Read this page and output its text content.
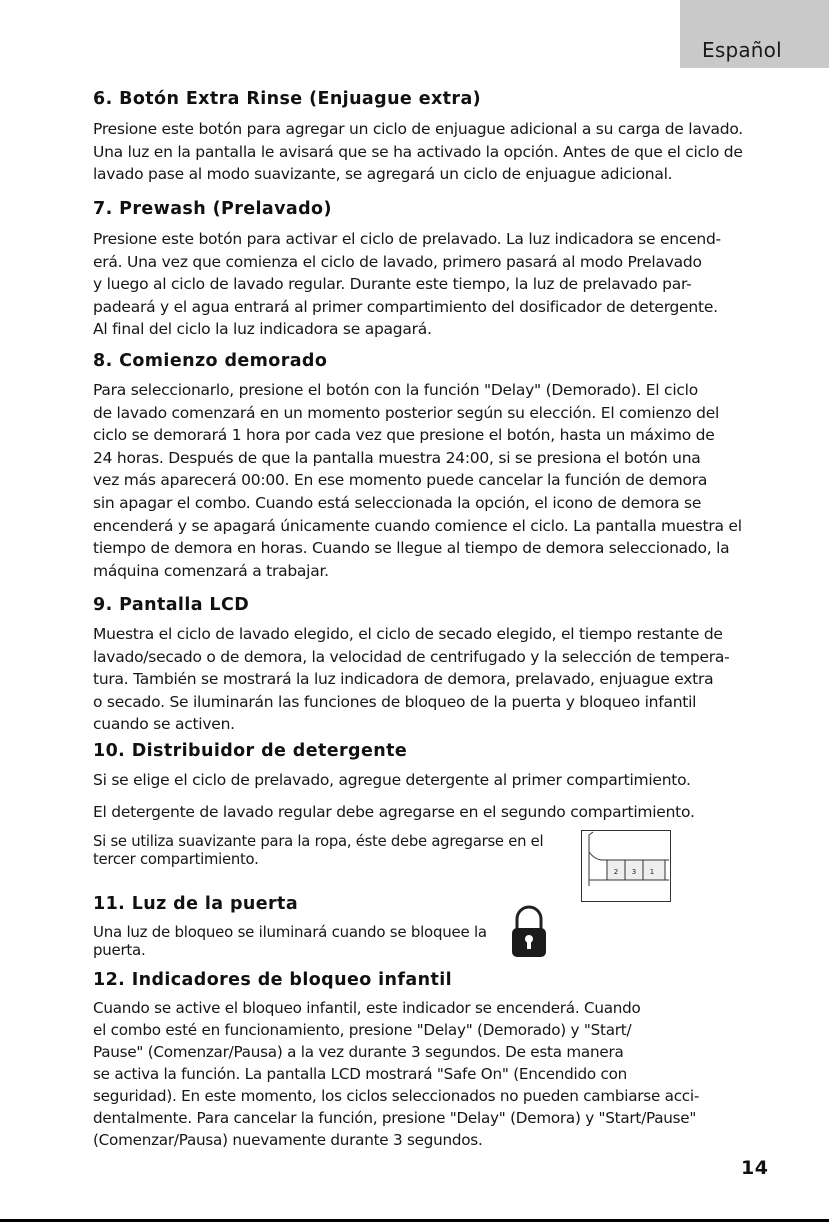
Español
6. Botón Extra Rinse (Enjuague extra)

Presione este botón para agregar un ciclo de enjuague adicional a su carga de lavado.
Una luz en la pantalla le avisará que se ha activado la opción. Antes de que el ciclo de
lavado pase al modo suavizante, se agregará un ciclo de enjuague adicional.

7. Prewash (Prelavado)

Presione este botón para activar el ciclo de prelavado. La luz indicadora se encend-
erá. Una vez que comienza el ciclo de lavado, primero pasará al modo Prelavado
y luego al ciclo de lavado regular. Durante este tiempo, la luz de prelavado par-
padeará y el agua entrará al primer compartimiento del dosificador de detergente.
Al final del ciclo la luz indicadora se apagará.

8. Comienzo demorado

Para seleccionarlo, presione el botón con la función "Delay" (Demorado). El ciclo
de lavado comenzará en un momento posterior según su elección. El comienzo del
ciclo se demorará 1 hora por cada vez que presione el botón, hasta un máximo de
24 horas. Después de que la pantalla muestra 24:00, si se presiona el botón una
vez más aparecerá 00:00. En ese momento puede cancelar la función de demora
sin apagar el combo. Cuando está seleccionada la opción, el icono de demora se
encenderá y se apagará únicamente cuando comience el ciclo. La pantalla muestra el
tiempo de demora en horas. Cuando se llegue al tiempo de demora seleccionado, la
máquina comenzará a trabajar.

9. Pantalla LCD

Muestra el ciclo de lavado elegido, el ciclo de secado elegido, el tiempo restante de
lavado/secado o de demora, la velocidad de centrifugado y la selección de tempera-
tura. También se mostrará la luz indicadora de demora, prelavado, enjuague extra
o secado. Se iluminarán las funciones de bloqueo de la puerta y bloqueo infantil
cuando se activen.

10. Distribuidor de detergente

Si se elige el ciclo de prelavado, agregue detergente al primer compartimiento.

El detergente de lavado regular debe agregarse en el segundo compartimiento.

Si se utiliza suavizante para la ropa, éste debe agregarse en el
tercer compartimiento.

2 3 1
11. Luz de la puerta

Una luz de bloqueo se iluminará cuando se bloquee la
puerta.

12. Indicadores de bloqueo infantil

Cuando se active el bloqueo infantil, este indicador se encenderá. Cuando
el combo esté en funcionamiento, presione "Delay" (Demorado) y "Start/
Pause" (Comenzar/Pausa) a la vez durante 3 segundos. De esta manera
se activa la función. La pantalla LCD mostrará "Safe On" (Encendido con
seguridad). En este momento, los ciclos seleccionados no pueden cambiarse acci-
dentalmente. Para cancelar la función, presione "Delay" (Demora) y "Start/Pause"
(Comenzar/Pausa) nuevamente durante 3 segundos.

14
